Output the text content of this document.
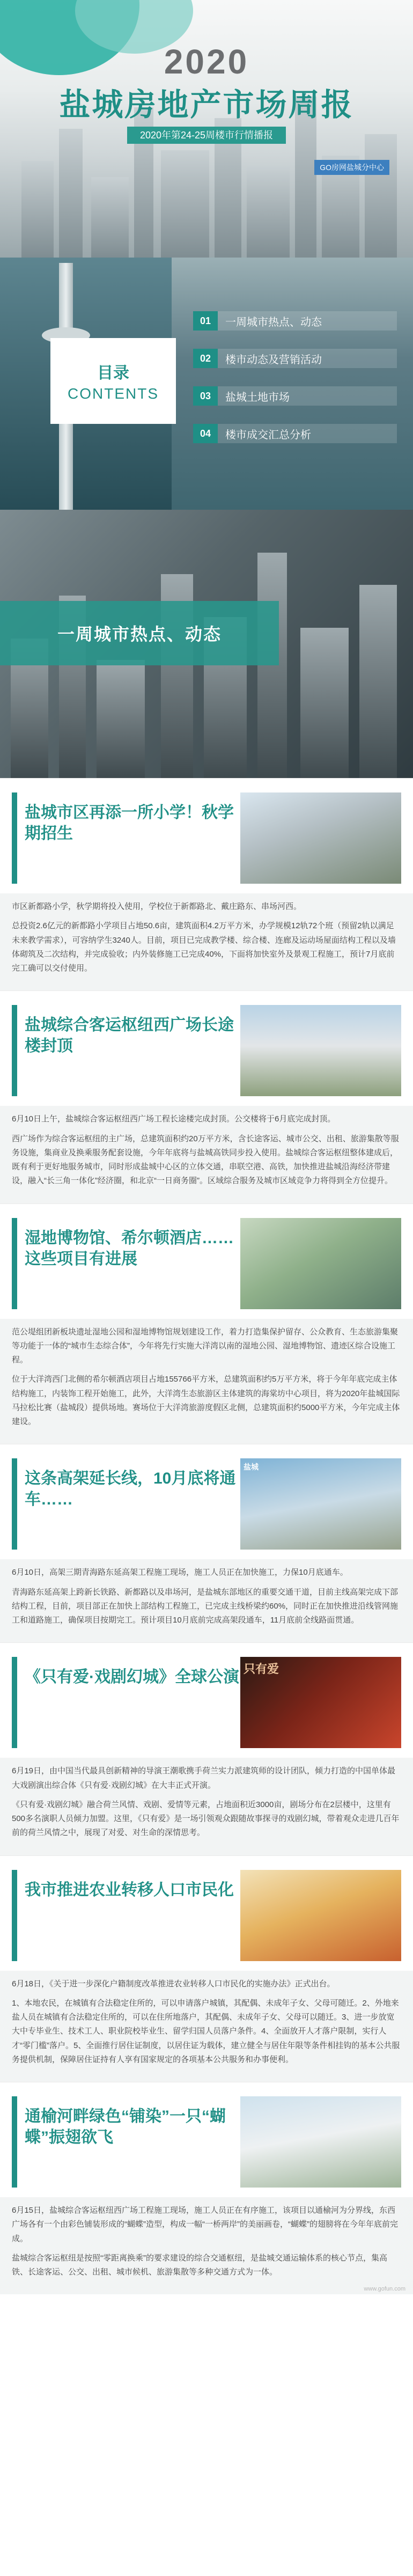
2020
盐城房地产市场周报
2020年第24-25周楼市行情播报
GO房网盐城分中心
目录
CONTENTS
01	一周城市热点、动态
02	楼市动态及营销活动
03	盐城土地市场
04	楼市成交汇总分析
一周城市热点、动态
盐城市区再添一所小学！秋学期招生

市区新都路小学，秋学期将投入使用，学校位于新都路北、戴庄路东、串场河西。

总投资2.6亿元的新都路小学项目占地50.6亩，建筑面积4.2万平方米，办学规模12轨72个班（预留2轨以满足未来教学需求），可容纳学生3240人。目前，项目已完成教学楼、综合楼、连廊及运动场屋面结构工程以及墙体砌筑及二次结构，并完成验收；内外装修施工已完成40%，下面将加快室外及景观工程施工，预计7月底前完工确可以交付使用。

盐城综合客运枢纽西广场长途楼封顶

6月10日上午，盐城综合客运枢纽西广场工程长途楼完成封顶。公交楼将于6月底完成封顶。

西广场作为综合客运枢纽的主广场，总建筑面积约20万平方米，含长途客运、城市公交、出租、旅游集散等服务设施，集商业及换乘服务配套设施，今年年底将与盐城高铁同步投入使用。盐城综合客运枢纽整体建成后，既有利于更好地服务城市，同时形成盐城中心区的立体交通，串联空港、高铁，加快推进盐城沿海经济带建设，融入“长三角一体化”经济圈，和北京“一日商务圈”。区域综合服务及城市区域竞争力将得到全方位提升。

湿地博物馆、希尔顿酒店……这些项目有进展

范公堤组团新板块遗址湿地公园和湿地博物馆规划建设工作，着力打造集保护留存、公众教育、生态旅游集聚等功能于一体的“城市生态综合体”，今年将先行实施大洋湾以南的湿地公园、湿地博物馆、遗迹区综合设施工程。

位于大洋湾西门北侧的希尔顿酒店项目占地155766平方米，总建筑面积约5万平方米，将于今年年底完成主体结构施工，内装饰工程开始施工，此外，大洋湾生态旅游区主体建筑的海棠坊中心项目，将为2020年盐城国际马拉松比赛（盐城段）提供场地。赛场位于大洋湾旅游度假区北侧，总建筑面积约5000平方米，今年完成主体建设。

这条高架延长线，10月底将通车……
盐城

6月10日，高架三期青海路东延高架工程施工现场，施工人员正在加快施工，力保10月底通车。

青海路东延高架上跨新长铁路、新都路以及串场河，是盐城东部地区的重要交通干道，目前主线高架完成下部结构工程，目前，项目部正在加快上部结构工程施工，已完成主线桥梁约60%，同时正在加快推进沿线管网施工和道路施工，确保项目按期完工。预计项目10月底前完成高架段通车，11月底前全线路面贯通。

《只有爱·戏剧幻城》全球公演 只有爱

6月19日，由中国当代最具创新精神的导演王潮歌携手荷兰实力派建筑师的设计团队，倾力打造的中国单体最大戏剧演出综合体《只有爱·戏剧幻城》在大丰正式开演。

《只有爱·戏剧幻城》融合荷兰风情、戏剧、爱情等元素，占地面积近3000亩，剧场分布在2层楼中，这里有500多名演职人员倾力加盟。这里，《只有爱》是一场引领观众跟随故事探寻的戏剧幻城，带着观众走进几百年前的荷兰风情之中，展现了对爱、对生命的深情思考。

我市推进农业转移人口市民化

6月18日，《关于进一步深化户籍制度改革推进农业转移人口市民化的实施办法》正式出台。

1、本地农民，在城镇有合法稳定住所的，可以申请落户城镇，其配偶、未成年子女、父母可随迁。2、外地来盐人员在城镇有合法稳定住所的，可以在住所地落户，其配偶、未成年子女、父母可以随迁。3、进一步放宽大中专毕业生、技术工人、职业院校毕业生、留学归国人员落户条件。4、全面放开人才落户限制，实行人才“零门槛”落户。5、全面推行居住证制度，以居住证为载体，建立健全与居住年限等条件相挂钩的基本公共服务提供机制，保障居住证持有人享有国家规定的各项基本公共服务和办事便利。

通榆河畔绿色“铺染”一只“蝴蝶”振翅欲飞

6月15日，盐城综合客运枢纽西广场工程施工现场，施工人员正在有序施工，该项目以通榆河为分界线，东西广场各有一个由彩色铺装形成的“蝴蝶”造型，构成一幅“一桥两岸”的美丽画卷，“蝴蝶”的翅膀将在今年年底前完成。

盐城综合客运枢纽是按照“零距离换乘”的要求建设的综合交通枢纽，是盐城交通运输体系的核心节点，集高铁、长途客运、公交、出租、城市候机、旅游集散等多种交通方式为一体。

www.gofun.com
